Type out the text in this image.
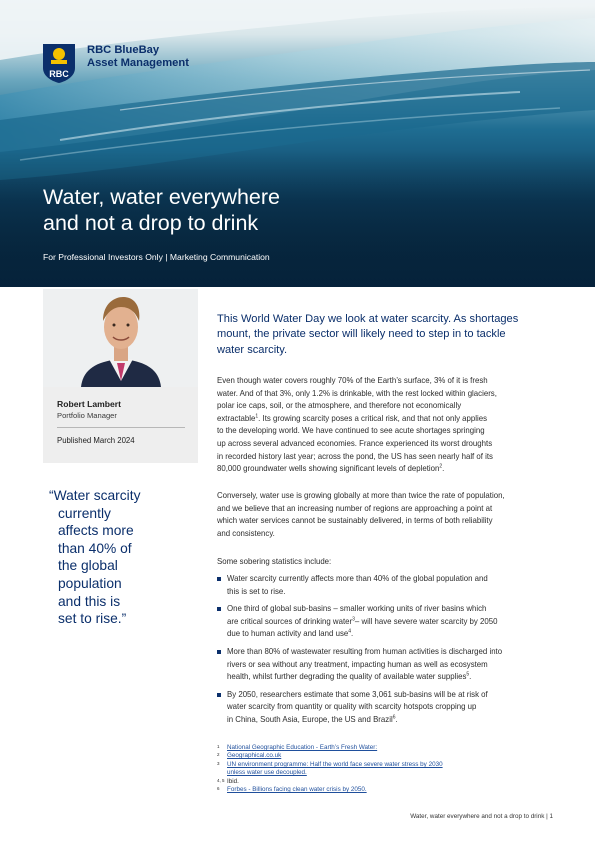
RBC
RBC BlueBay
Asset Management
Water, water everywhere
and not a drop to drink
For Professional Investors Only | Marketing Communication
Robert Lambert
Portfolio Manager
Published March 2024
“Water scarcity
currently
affects more
than 40% of
the global
population
and this is
set to rise.”
This World Water Day we look at water scarcity. As shortages
mount, the private sector will likely need to step in to tackle
water scarcity.
Even though water covers roughly 70% of the Earth’s surface, 3% of it is fresh
water. And of that 3%, only 1.2% is drinkable, with the rest locked within glaciers,
polar ice caps, soil, or the atmosphere, and therefore not economically
extractable$^1$. Its growing scarcity poses a critical risk, and that not only applies
to the developing world. We have continued to see acute shortages springing
up across several advanced economies. France experienced its worst droughts
in recorded history last year; across the pond, the US has seen nearly half of its
80,000 groundwater wells showing significant levels of depletion$^2$.
Conversely, water use is growing globally at more than twice the rate of population,
and we believe that an increasing number of regions are approaching a point at
which water services cannot be sustainably delivered, in terms of both reliability
and consistency.
Some sobering statistics include:
Water scarcity currently affects more than 40% of the global population and
this is set to rise.
One third of global sub-basins – smaller working units of river basins which
are critical sources of drinking water$^3$– will have severe water scarcity by 2050
due to human activity and land use$^4$.
More than 80% of wastewater resulting from human activities is discharged into
rivers or sea without any treatment, impacting human as well as ecosystem
health, whilst further degrading the quality of available water supplies$^5$.
By 2050, researchers estimate that some 3,061 sub-basins will be at risk of
water scarcity from quantity or quality with scarcity hotspots cropping up
in China, South Asia, Europe, the US and Brazil$^6$.
1 National Geographic Education - Earth’s Fresh Water:
2 Geographical.co.uk
3 UN environment programme: Half the world face severe water stress by 2030
unless water use decoupled.
4, 5 Ibid.
6 Forbes - Billions facing clean water crisis by 2050.
Water, water everywhere and not a drop to drink | 1
